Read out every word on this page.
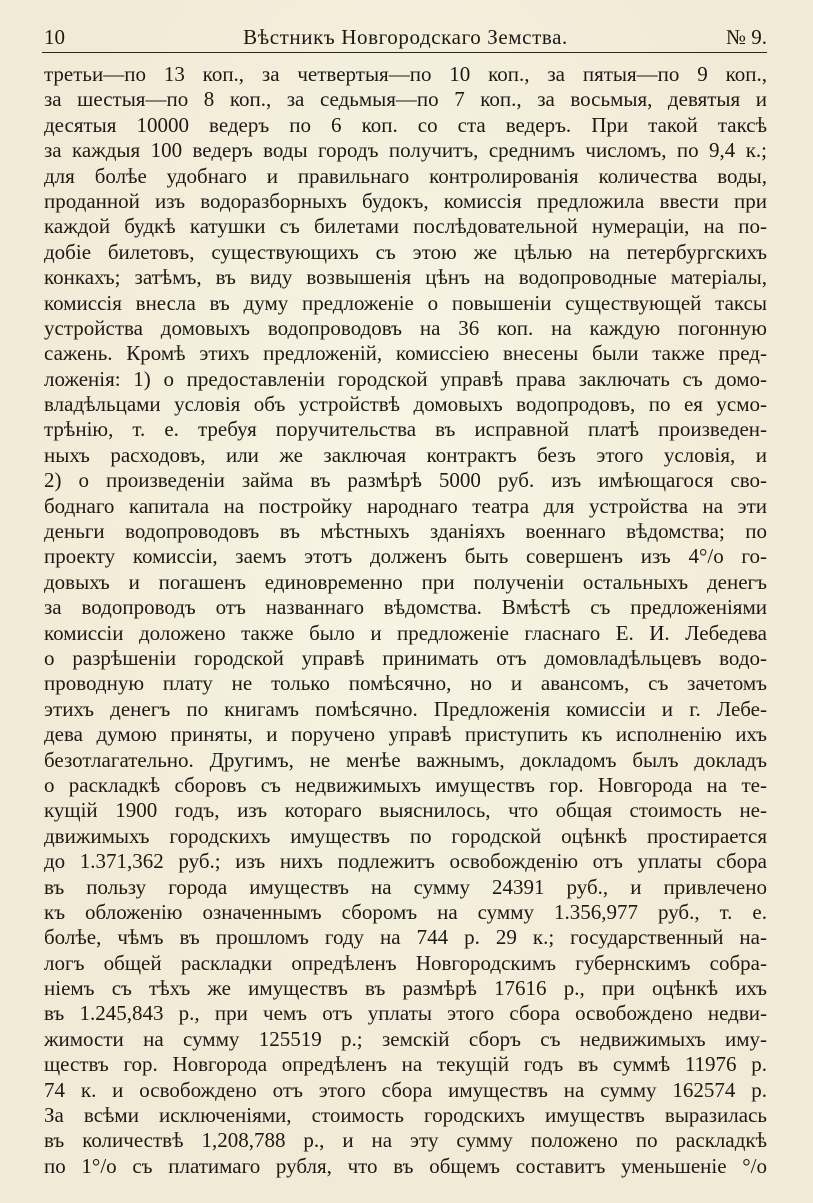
10	Вѣстникъ Новгородскаго Земства.	№ 9.
третьи—по 13 коп., за четвертыя—по 10 коп., за пятыя—по 9 коп.,
за шестыя—по 8 коп., за седьмыя—по 7 коп., за восьмыя, девятыя и
десятыя 10000 ведеръ по 6 коп. со ста ведеръ. При такой таксѣ
за каждыя 100 ведеръ воды городъ получитъ, среднимъ числомъ, по 9,4 к.;
для болѣе удобнаго и правильнаго контролированія количества воды,
проданной изъ водоразборныхъ будокъ, комиссія предложила ввести при
каждой будкѣ катушки съ билетами послѣдовательной нумераціи, на по-
добіе билетовъ, существующихъ съ этою же цѣлью на петербургскихъ
конкахъ; затѣмъ, въ виду возвышенія цѣнъ на водопроводные матеріалы,
комиссія внесла въ думу предложеніе о повышеніи существующей таксы
устройства домовыхъ водопроводовъ на 36 коп. на каждую погонную
сажень. Кромѣ этихъ предложеній, комиссіею внесены были также пред-
ложенія: 1) о предоставленіи городской управѣ права заключать съ домо-
владѣльцами условія объ устройствѣ домовыхъ водопродовъ, по ея усмо-
трѣнію, т. е. требуя поручительства въ исправной платѣ произведен-
ныхъ расходовъ, или же заключая контрактъ безъ этого условія, и
2) о произведеніи займа въ размѣрѣ 5000 руб. изъ имѣющагося сво-
боднаго капитала на постройку народнаго театра для устройства на эти
деньги водопроводовъ въ мѣстныхъ зданіяхъ военнаго вѣдомства; по
проекту комиссіи, заемъ этотъ долженъ быть совершенъ изъ 4°/о го-
довыхъ и погашенъ единовременно при полученіи остальныхъ денегъ
за водопроводъ отъ названнаго вѣдомства. Вмѣстѣ съ предложеніями
комиссіи доложено также было и предложеніе гласнаго Е. И. Лебедева
о разрѣшеніи городской управѣ принимать отъ домовладѣльцевъ водо-
проводную плату не только помѣсячно, но и авансомъ, съ зачетомъ
этихъ денегъ по книгамъ помѣсячно. Предложенія комиссіи и г. Лебе-
дева думою приняты, и поручено управѣ приступить къ исполненію ихъ
безотлагательно. Другимъ, не менѣе важнымъ, докладомъ былъ докладъ
о раскладкѣ сборовъ съ недвижимыхъ имуществъ гор. Новгорода на те-
кущій 1900 годъ, изъ котораго выяснилось, что общая стоимость не-
движимыхъ городскихъ имуществъ по городской оцѣнкѣ простирается
до 1.371,362 руб.; изъ нихъ подлежитъ освобожденію отъ уплаты сбора
въ пользу города имуществъ на сумму 24391 руб., и привлечено
къ обложенію означеннымъ сборомъ на сумму 1.356,977 руб., т. е.
болѣе, чѣмъ въ прошломъ году на 744 р. 29 к.; государственный на-
логъ общей раскладки опредѣленъ Новгородскимъ губернскимъ собра-
ніемъ съ тѣхъ же имуществъ въ размѣрѣ 17616 р., при оцѣнкѣ ихъ
въ 1.245,843 р., при чемъ отъ уплаты этого сбора освобождено недви-
жимости на сумму 125519 р.; земскій сборъ съ недвижимыхъ иму-
ществъ гор. Новгорода опредѣленъ на текущій годъ въ суммѣ 11976 р.
74 к. и освобождено отъ этого сбора имуществъ на сумму 162574 р.
За всѣми исключеніями, стоимость городскихъ имуществъ выразилась
въ количествѣ 1,208,788 р., и на эту сумму положено по раскладкѣ
по 1°/о съ платимаго рубля, что въ общемъ составитъ уменьшеніе °/о
